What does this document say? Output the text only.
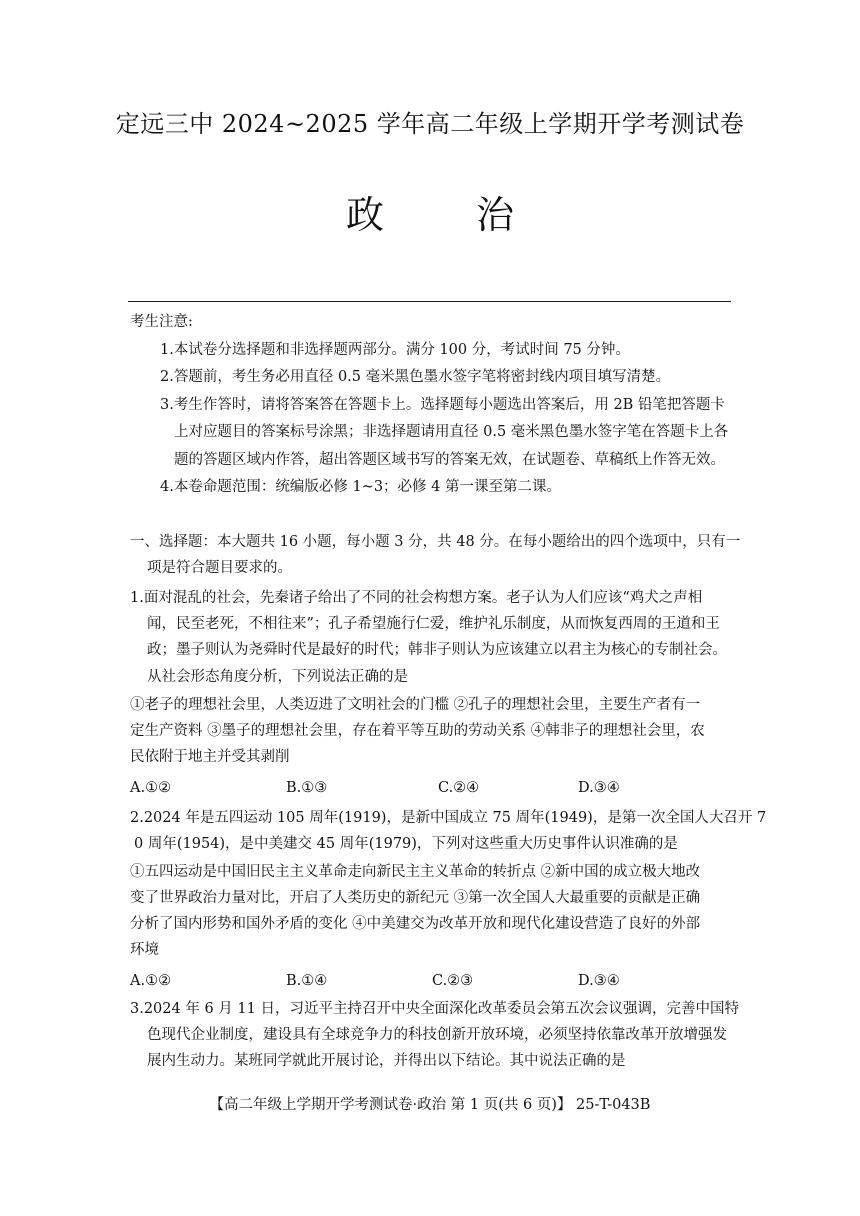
定远三中 2024~2025 学年高二年级上学期开学考测试卷
政 治
考生注意:
1.本试卷分选择题和非选择题两部分。满分 100 分，考试时间 75 分钟。
2.答题前，考生务必用直径 0.5 毫米黑色墨水签字笔将密封线内项目填写清楚。
3.考生作答时，请将答案答在答题卡上。选择题每小题选出答案后，用 2B 铅笔把答题卡
上对应题目的答案标号涂黑；非选择题请用直径 0.5 毫米黑色墨水签字笔在答题卡上各
题的答题区域内作答，超出答题区域书写的答案无效，在试题卷、草稿纸上作答无效。
4.本卷命题范围：统编版必修 1~3；必修 4 第一课至第二课。
一、选择题：本大题共 16 小题，每小题 3 分，共 48 分。在每小题给出的四个选项中，只有一
项是符合题目要求的。
1.面对混乱的社会，先秦诸子给出了不同的社会构想方案。老子认为人们应该“鸡犬之声相
闻，民至老死，不相往来”；孔子希望施行仁爱，维护礼乐制度，从而恢复西周的王道和王
政；墨子则认为尧舜时代是最好的时代；韩非子则认为应该建立以君主为核心的专制社会。
从社会形态角度分析，下列说法正确的是
①老子的理想社会里，人类迈进了文明社会的门槛 ②孔子的理想社会里，主要生产者有一
定生产资料 ③墨子的理想社会里，存在着平等互助的劳动关系 ④韩非子的理想社会里，农
民依附于地主并受其剥削
A.①②	B.①③	C.②④	D.③④
2.2024 年是五四运动 105 周年(1919)，是新中国成立 75 周年(1949)，是第一次全国人大召开 7
0 周年(1954)，是中美建交 45 周年(1979)，下列对这些重大历史事件认识准确的是
①五四运动是中国旧民主主义革命走向新民主主义革命的转折点 ②新中国的成立极大地改
变了世界政治力量对比，开启了人类历史的新纪元 ③第一次全国人大最重要的贡献是正确
分析了国内形势和国外矛盾的变化 ④中美建交为改革开放和现代化建设营造了良好的外部
环境
A.①②	B.①④	C.②③	D.③④
3.2024 年 6 月 11 日，习近平主持召开中央全面深化改革委员会第五次会议强调，完善中国特
色现代企业制度，建设具有全球竞争力的科技创新开放环境，必须坚持依靠改革开放增强发
展内生动力。某班同学就此开展讨论，并得出以下结论。其中说法正确的是
【高二年级上学期开学考测试卷·政治 第 1 页(共 6 页)】 25-T-043B
